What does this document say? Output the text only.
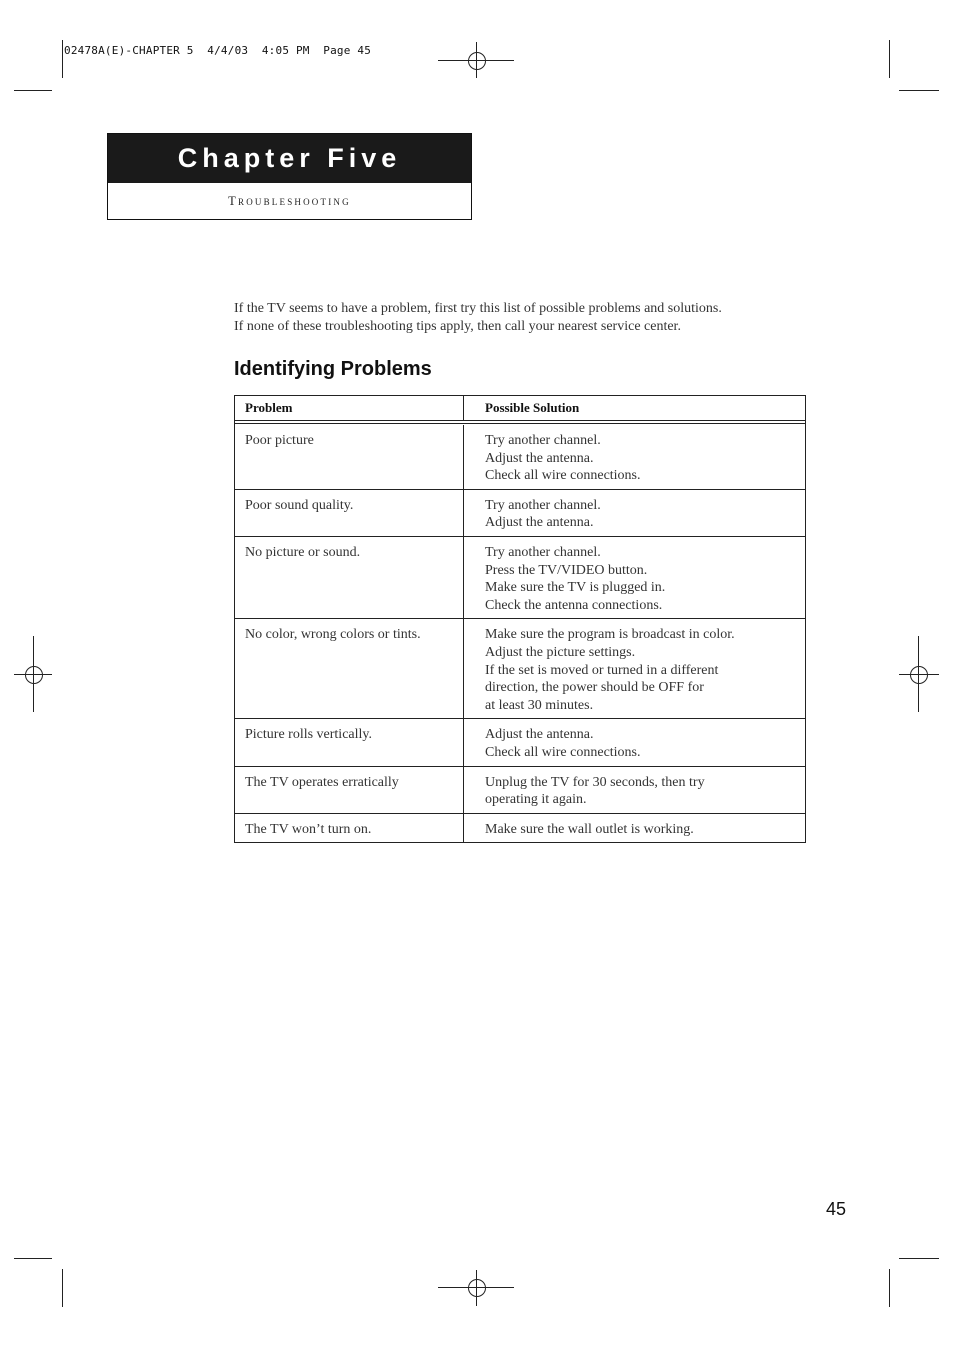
02478A(E)-CHAPTER 5  4/4/03  4:05 PM  Page 45
Chapter Five
Troubleshooting

If the TV seems to have a problem, first try this list of possible problems and solutions.

If none of these troubleshooting tips apply, then call your nearest service center.

Identifying Problems
Problem	Possible Solution
Poor picture	Try another channel.
Adjust the antenna.
Check all wire connections.
Poor sound quality.	Try another channel.
Adjust the antenna.
No picture or sound.	Try another channel.
Press the TV/VIDEO button.
Make sure the TV is plugged in.
Check the antenna connections.
No color, wrong colors or tints.	Make sure the program is broadcast in color.
Adjust the picture settings.
If the set is moved or turned in a different
direction, the power should be OFF for
at least 30 minutes.
Picture rolls vertically.	Adjust the antenna.
Check all wire connections.
The TV operates erratically	Unplug the TV for 30 seconds, then try
operating it again.
The TV won’t turn on.	Make sure the wall outlet is working.
45
